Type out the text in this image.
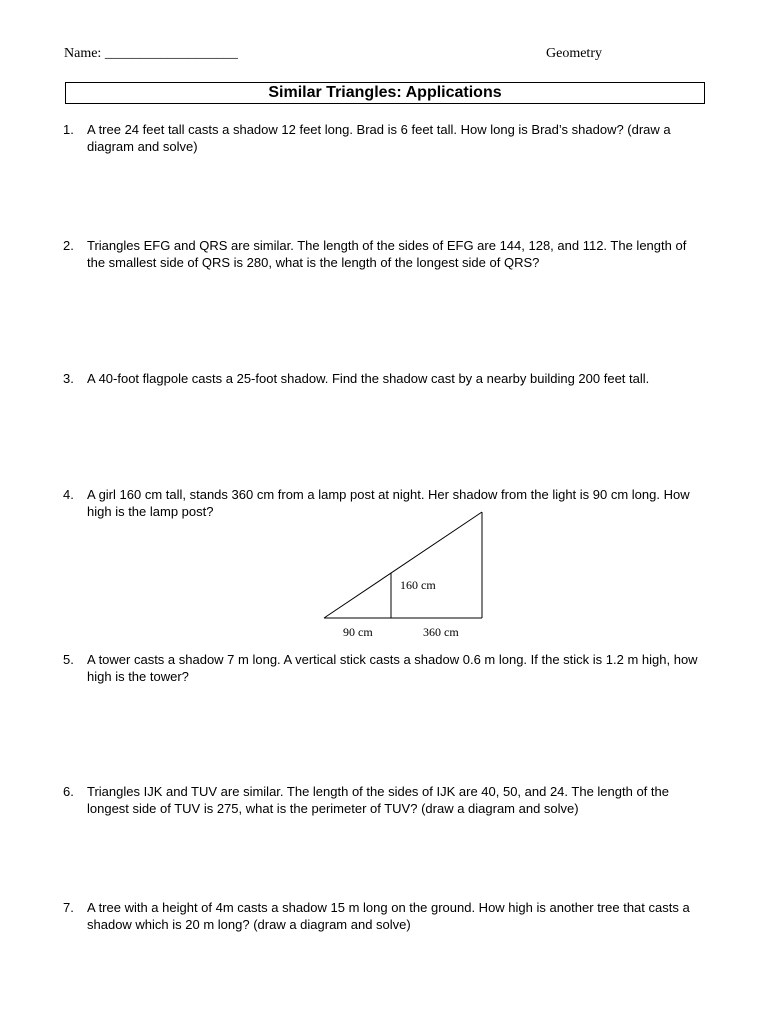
Name: ___________________	Geometry
Similar Triangles: Applications
1.	A tree 24 feet tall casts a shadow 12 feet long. Brad is 6 feet tall. How long is Brad’s shadow? (draw a diagram and solve)
2.	Triangles EFG and QRS are similar. The length of the sides of EFG are 144, 128, and 112. The length of the smallest side of QRS is 280, what is the length of the longest side of QRS?
3.	A 40-foot flagpole casts a 25-foot shadow. Find the shadow cast by a nearby building 200 feet tall.
4.	A girl 160 cm tall, stands 360 cm from a lamp post at night. Her shadow from the light is 90 cm long. How high is the lamp post?
160 cm
90 cm	360 cm
5.	A tower casts a shadow 7 m long. A vertical stick casts a shadow 0.6 m long. If the stick is 1.2 m high, how high is the tower?
6.	Triangles IJK and TUV are similar. The length of the sides of IJK are 40, 50, and 24. The length of the longest side of TUV is 275, what is the perimeter of TUV? (draw a diagram and solve)
7.	A tree with a height of 4m casts a shadow 15 m long on the ground. How high is another tree that casts a shadow which is 20 m long? (draw a diagram and solve)
